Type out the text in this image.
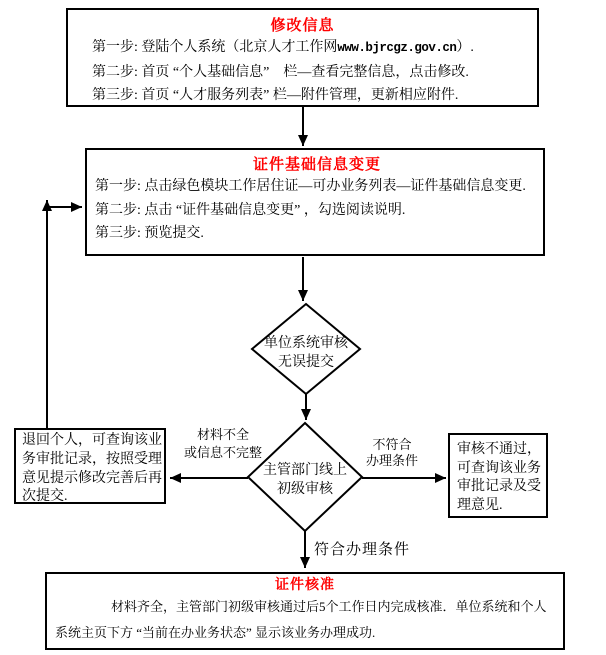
修改信息
第一步: 登陆个人系统（北京人才工作网www.bjrcgz.gov.cn）.
第二步: 首页 “个人基础信息”　栏—查看完整信息，点击修改.
第三步: 首页 “人才服务列表” 栏—附件管理，更新相应附件.
证件基础信息变更
第一步: 点击绿色模块工作居住证—可办业务列表—证件基础信息变更.
第二步: 点击 “证件基础信息变更” ，勾选阅读说明.
第三步: 预览提交.
单位系统审核
无误提交
主管部门线上
初级审核
材料不全
或信息不完整
不符合
办理条件
符合办理条件
退回个人，可查询该业
务审批记录，按照受理
意见提示修改完善后再
次提交.
审核不通过，
可查询该业务
审批记录及受
理意见.
证件核准
材料齐全，主管部门初级审核通过后5个工作日内完成核准．单位系统和个人
系统主页下方 “当前在办业务状态” 显示该业务办理成功.
